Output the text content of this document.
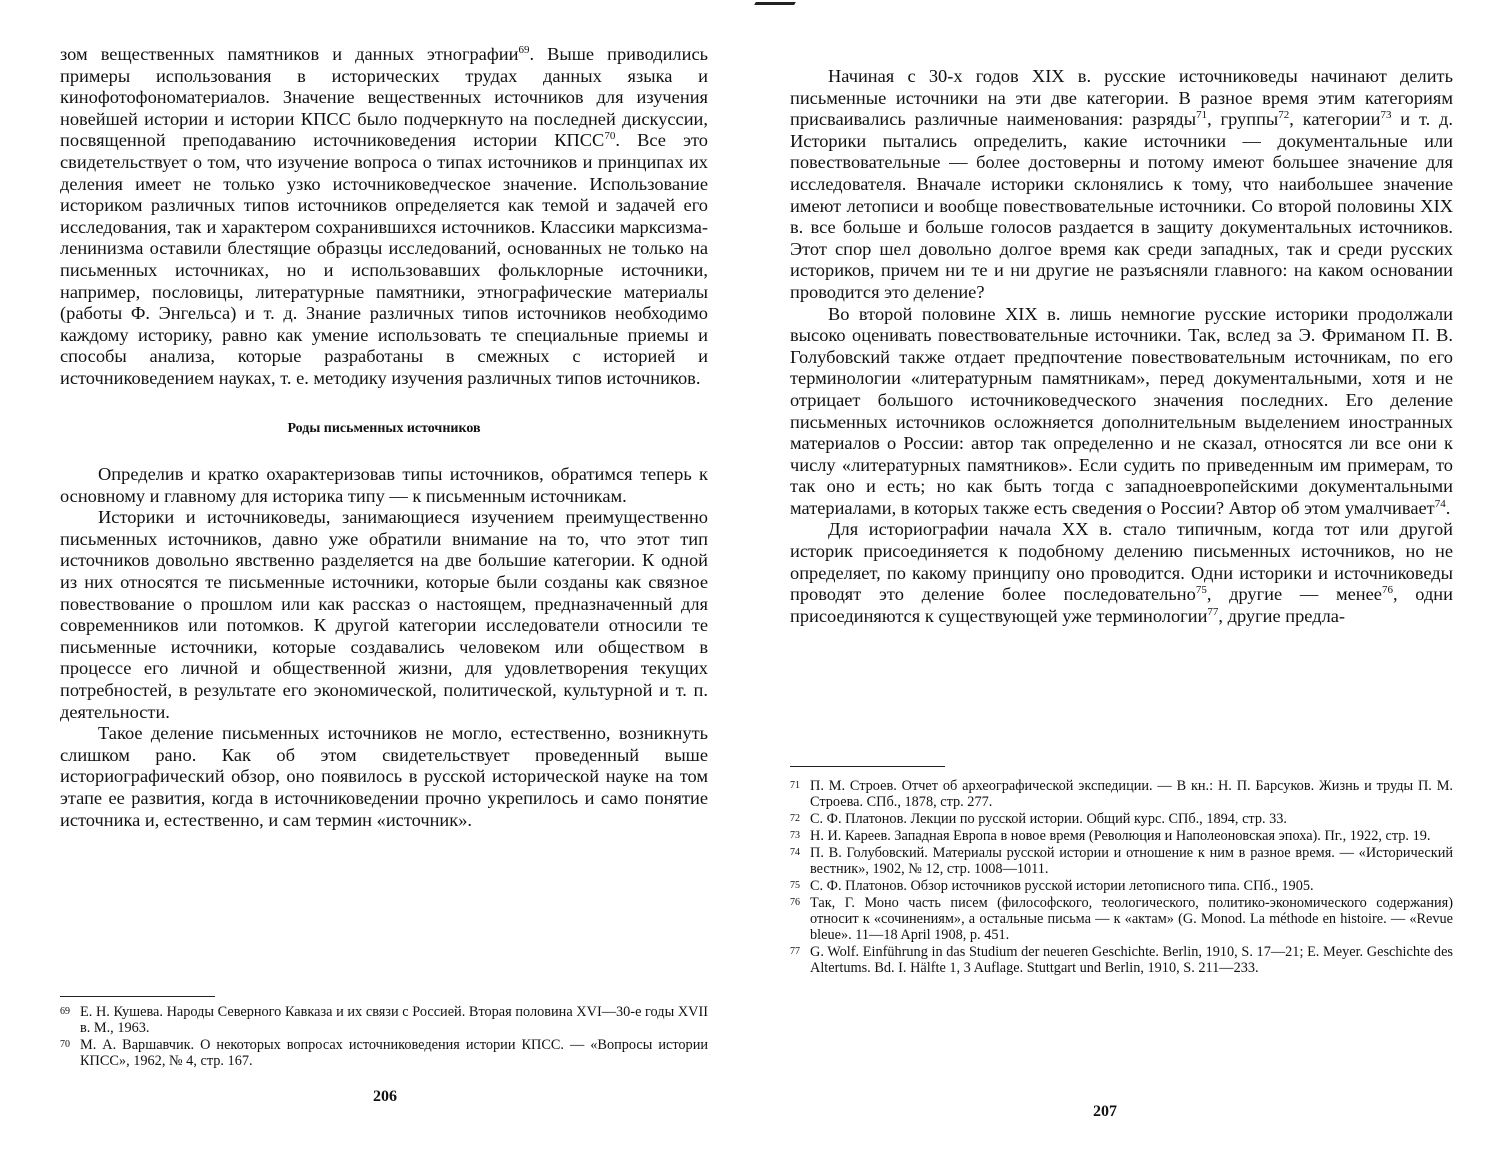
зом вещественных памятников и данных этнографии$^{69}$. Выше приводились примеры использования в исторических трудах данных языка и кинофотофономатериалов. Значение вещественных источников для изучения новейшей истории и истории КПСС было подчеркнуто на последней дискуссии, посвященной преподаванию источниковедения истории КПСС$^{70}$. Все это свидетельствует о том, что изучение вопроса о типах источников и принципах их деления имеет не только узко источниковедческое значение. Использование историком различных типов источников определяется как темой и задачей его исследования, так и характером сохранившихся источников. Классики марксизма-ленинизма оставили блестящие образцы исследований, основанных не только на письменных источниках, но и использовавших фольклорные источники, например, пословицы, литературные памятники, этнографические материалы (работы Ф. Энгельса) и т. д. Знание различных типов источников необходимо каждому историку, равно как умение использовать те специальные приемы и способы анализа, которые разработаны в смежных с историей и источниковедением науках, т. е. методику изучения различных типов источников.

Роды письменных источников

Определив и кратко охарактеризовав типы источников, обратимся теперь к основному и главному для историка типу — к письменным источникам.

Историки и источниковеды, занимающиеся изучением преимущественно письменных источников, давно уже обратили внимание на то, что этот тип источников довольно явственно разделяется на две большие категории. К одной из них относятся те письменные источники, которые были созданы как связное повествование о прошлом или как рассказ о настоящем, предназначенный для современников или потомков. К другой категории исследователи относили те письменные источники, которые создавались человеком или обществом в процессе его личной и общественной жизни, для удовлетворения текущих потребностей, в результате его экономической, политической, культурной и т. п. деятельности.

Такое деление письменных источников не могло, естественно, возникнуть слишком рано. Как об этом свидетельствует проведенный выше историографический обзор, оно появилось в русской исторической науке на том этапе ее развития, когда в источниковедении прочно укрепилось и само понятие источника и, естественно, и сам термин «источник».

69 Е. Н. Кушева. Народы Северного Кавказа и их связи с Россией. Вторая половина XVI—30-е годы XVII в. М., 1963.
70 М. А. Варшавчик. О некоторых вопросах источниковедения истории КПСС. — «Вопросы истории КПСС», 1962, № 4, стр. 167.
206

Начиная с 30-х годов XIX в. русские источниковеды начинают делить письменные источники на эти две категории. В разное время этим категориям присваивались различные наименования: разряды$^{71}$, группы$^{72}$, категории$^{73}$ и т. д. Историки пытались определить, какие источники — документальные или повествовательные — более достоверны и потому имеют большее значение для исследователя. Вначале историки склонялись к тому, что наибольшее значение имеют летописи и вообще повествовательные источники. Со второй половины XIX в. все больше и больше голосов раздается в защиту документальных источников. Этот спор шел довольно долгое время как среди западных, так и среди русских историков, причем ни те и ни другие не разъясняли главного: на каком основании проводится это деление?

Во второй половине XIX в. лишь немногие русские историки продолжали высоко оценивать повествовательные источники. Так, вслед за Э. Фриманом П. В. Голубовский также отдает предпочтение повествовательным источникам, по его терминологии «литературным памятникам», перед документальными, хотя и не отрицает большого источниковедческого значения последних. Его деление письменных источников осложняется дополнительным выделением иностранных материалов о России: автор так определенно и не сказал, относятся ли все они к числу «литературных памятников». Если судить по приведенным им примерам, то так оно и есть; но как быть тогда с западноевропейскими документальными материалами, в которых также есть сведения о России? Автор об этом умалчивает$^{74}$.

Для историографии начала XX в. стало типичным, когда тот или другой историк присоединяется к подобному делению письменных источников, но не определяет, по какому принципу оно проводится. Одни историки и источниковеды проводят это деление более последовательно$^{75}$, другие — менее$^{76}$, одни присоединяются к существующей уже терминологии$^{77}$, другие предла-

71 П. М. Строев. Отчет об археографической экспедиции. — В кн.: Н. П. Барсуков. Жизнь и труды П. М. Строева. СПб., 1878, стр. 277.
72 С. Ф. Платонов. Лекции по русской истории. Общий курс. СПб., 1894, стр. 33.
73 Н. И. Кареев. Западная Европа в новое время (Революция и Наполеоновская эпоха). Пг., 1922, стр. 19.
74 П. В. Голубовский. Материалы русской истории и отношение к ним в разное время. — «Исторический вестник», 1902, № 12, стр. 1008—1011.
75 С. Ф. Платонов. Обзор источников русской истории летописного типа. СПб., 1905.
76 Так, Г. Моно часть писем (философского, теологического, политико-экономического содержания) относит к «сочинениям», а остальные письма — к «актам» (G. Monod. La méthode en histoire. — «Revue bleue». 11—18 April 1908, p. 451.
77 G. Wolf. Einführung in das Studium der neueren Geschichte. Berlin, 1910, S. 17—21; E. Meyer. Geschichte des Altertums. Bd. I. Hälfte 1, 3 Auflage. Stuttgart und Berlin, 1910, S. 211—233.
207
